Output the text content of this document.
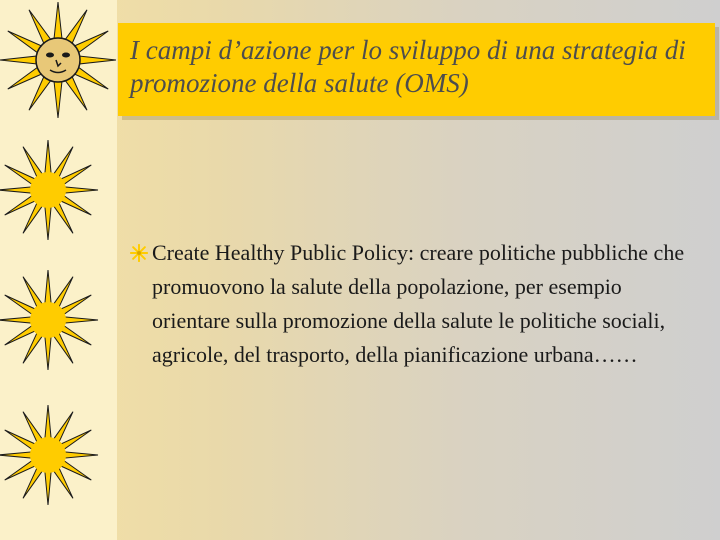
I campi d’azione per lo sviluppo di una strategia di promozione della salute (OMS)

Create Healthy Public Policy: creare politiche pubbliche che promuovono la salute della popolazione, per esempio orientare sulla promozione della salute le politiche sociali, agricole, del trasporto, della pianificazione urbana……
